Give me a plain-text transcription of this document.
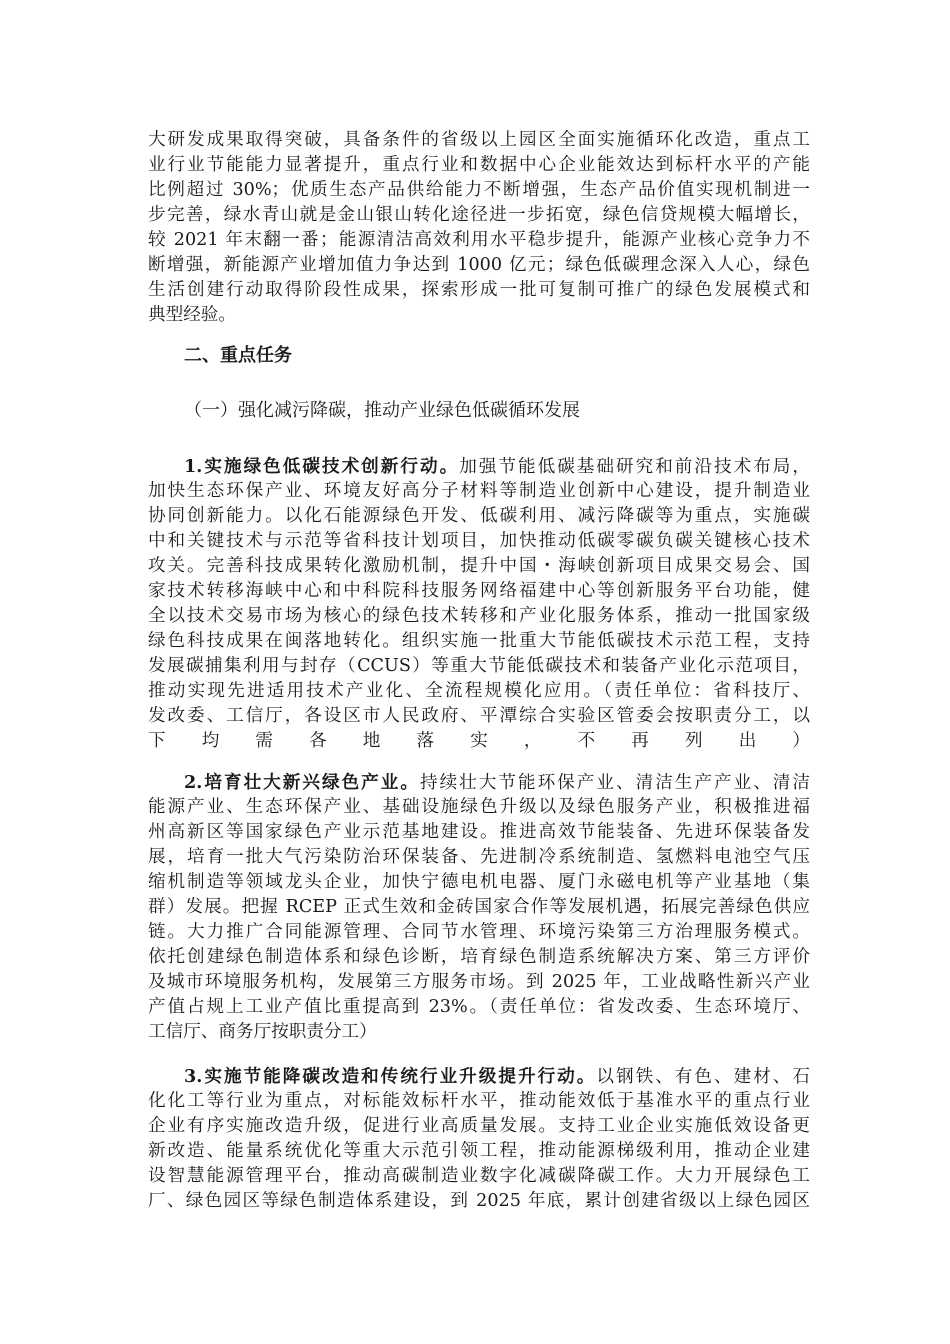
大研发成果取得突破，具备条件的省级以上园区全面实施循环化改造，重点工
业行业节能能力显著提升，重点行业和数据中心企业能效达到标杆水平的产能
比例超过 30%；优质生态产品供给能力不断增强，生态产品价值实现机制进一
步完善，绿水青山就是金山银山转化途径进一步拓宽，绿色信贷规模大幅增长，
较 2021 年末翻一番；能源清洁高效利用水平稳步提升，能源产业核心竞争力不
断增强，新能源产业增加值力争达到 1000 亿元；绿色低碳理念深入人心，绿色
生活创建行动取得阶段性成果，探索形成一批可复制可推广的绿色发展模式和
典型经验。

二、重点任务

（一）强化减污降碳，推动产业绿色低碳循环发展

1.实施绿色低碳技术创新行动。加强节能低碳基础研究和前沿技术布局，
加快生态环保产业、环境友好高分子材料等制造业创新中心建设，提升制造业
协同创新能力。以化石能源绿色开发、低碳利用、减污降碳等为重点，实施碳
中和关键技术与示范等省科技计划项目，加快推动低碳零碳负碳关键核心技术
攻关。完善科技成果转化激励机制，提升中国・海峡创新项目成果交易会、国
家技术转移海峡中心和中科院科技服务网络福建中心等创新服务平台功能，健
全以技术交易市场为核心的绿色技术转移和产业化服务体系，推动一批国家级
绿色科技成果在闽落地转化。组织实施一批重大节能低碳技术示范工程，支持
发展碳捕集利用与封存（CCUS）等重大节能低碳技术和装备产业化示范项目，
推动实现先进适用技术产业化、全流程规模化应用。（责任单位：省科技厅、
发改委、工信厅，各设区市人民政府、平潭综合实验区管委会按职责分工，以
下均需各地落实，不再列出）
2.培育壮大新兴绿色产业。持续壮大节能环保产业、清洁生产产业、清洁
能源产业、生态环保产业、基础设施绿色升级以及绿色服务产业，积极推进福
州高新区等国家绿色产业示范基地建设。推进高效节能装备、先进环保装备发
展，培育一批大气污染防治环保装备、先进制冷系统制造、氢燃料电池空气压
缩机制造等领域龙头企业，加快宁德电机电器、厦门永磁电机等产业基地（集
群）发展。把握 RCEP 正式生效和金砖国家合作等发展机遇，拓展完善绿色供应
链。大力推广合同能源管理、合同节水管理、环境污染第三方治理服务模式。
依托创建绿色制造体系和绿色诊断，培育绿色制造系统解决方案、第三方评价
及城市环境服务机构，发展第三方服务市场。到 2025 年，工业战略性新兴产业
产值占规上工业产值比重提高到 23%。（责任单位：省发改委、生态环境厅、
工信厅、商务厅按职责分工）
3.实施节能降碳改造和传统行业升级提升行动。以钢铁、有色、建材、石
化化工等行业为重点，对标能效标杆水平，推动能效低于基准水平的重点行业
企业有序实施改造升级，促进行业高质量发展。支持工业企业实施低效设备更
新改造、能量系统优化等重大示范引领工程，推动能源梯级利用，推动企业建
设智慧能源管理平台，推动高碳制造业数字化减碳降碳工作。大力开展绿色工
厂、绿色园区等绿色制造体系建设，到 2025 年底，累计创建省级以上绿色园区
